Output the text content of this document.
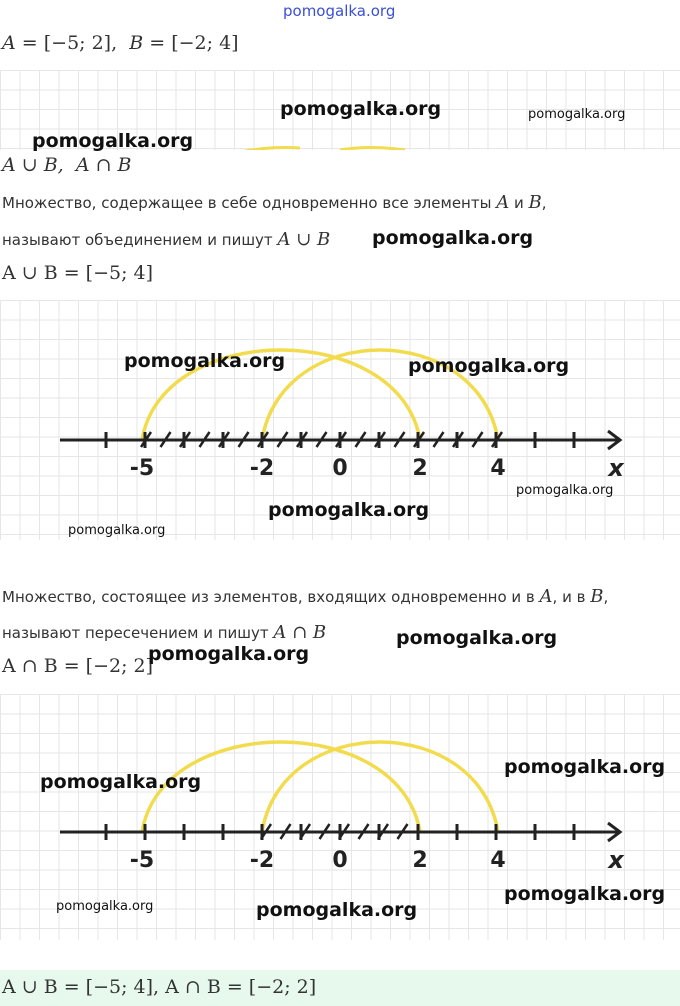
pomogalka.org
A = [−5; 2], B = [−2; 4]
pomogalka.org	pomogalka.org
pomogalka.org
A ∪ B, A ∩ B
Множество, содержащее в себе одновременно все элементы A и B,
называют объединением и пишут A ∪ B pomogalka.org
A ∪ B = [−5; 4]
-5	-2	0	2	4	x
pomogalka.org	pomogalka.org
pomogalka.org
pomogalka.org
pomogalka.org
Множество, состоящее из элементов, входящих одновременно и в A, и в B,
называют пересечением и пишут A ∩ B	pomogalka.org
A ∩ B = [−2; 2]
pomogalka.org
-5	-2	0	2	4	x
pomogalka.org
pomogalka.org
pomogalka.org
pomogalka.org	pomogalka.org
A ∪ B = [−5; 4], A ∩ B = [−2; 2]
